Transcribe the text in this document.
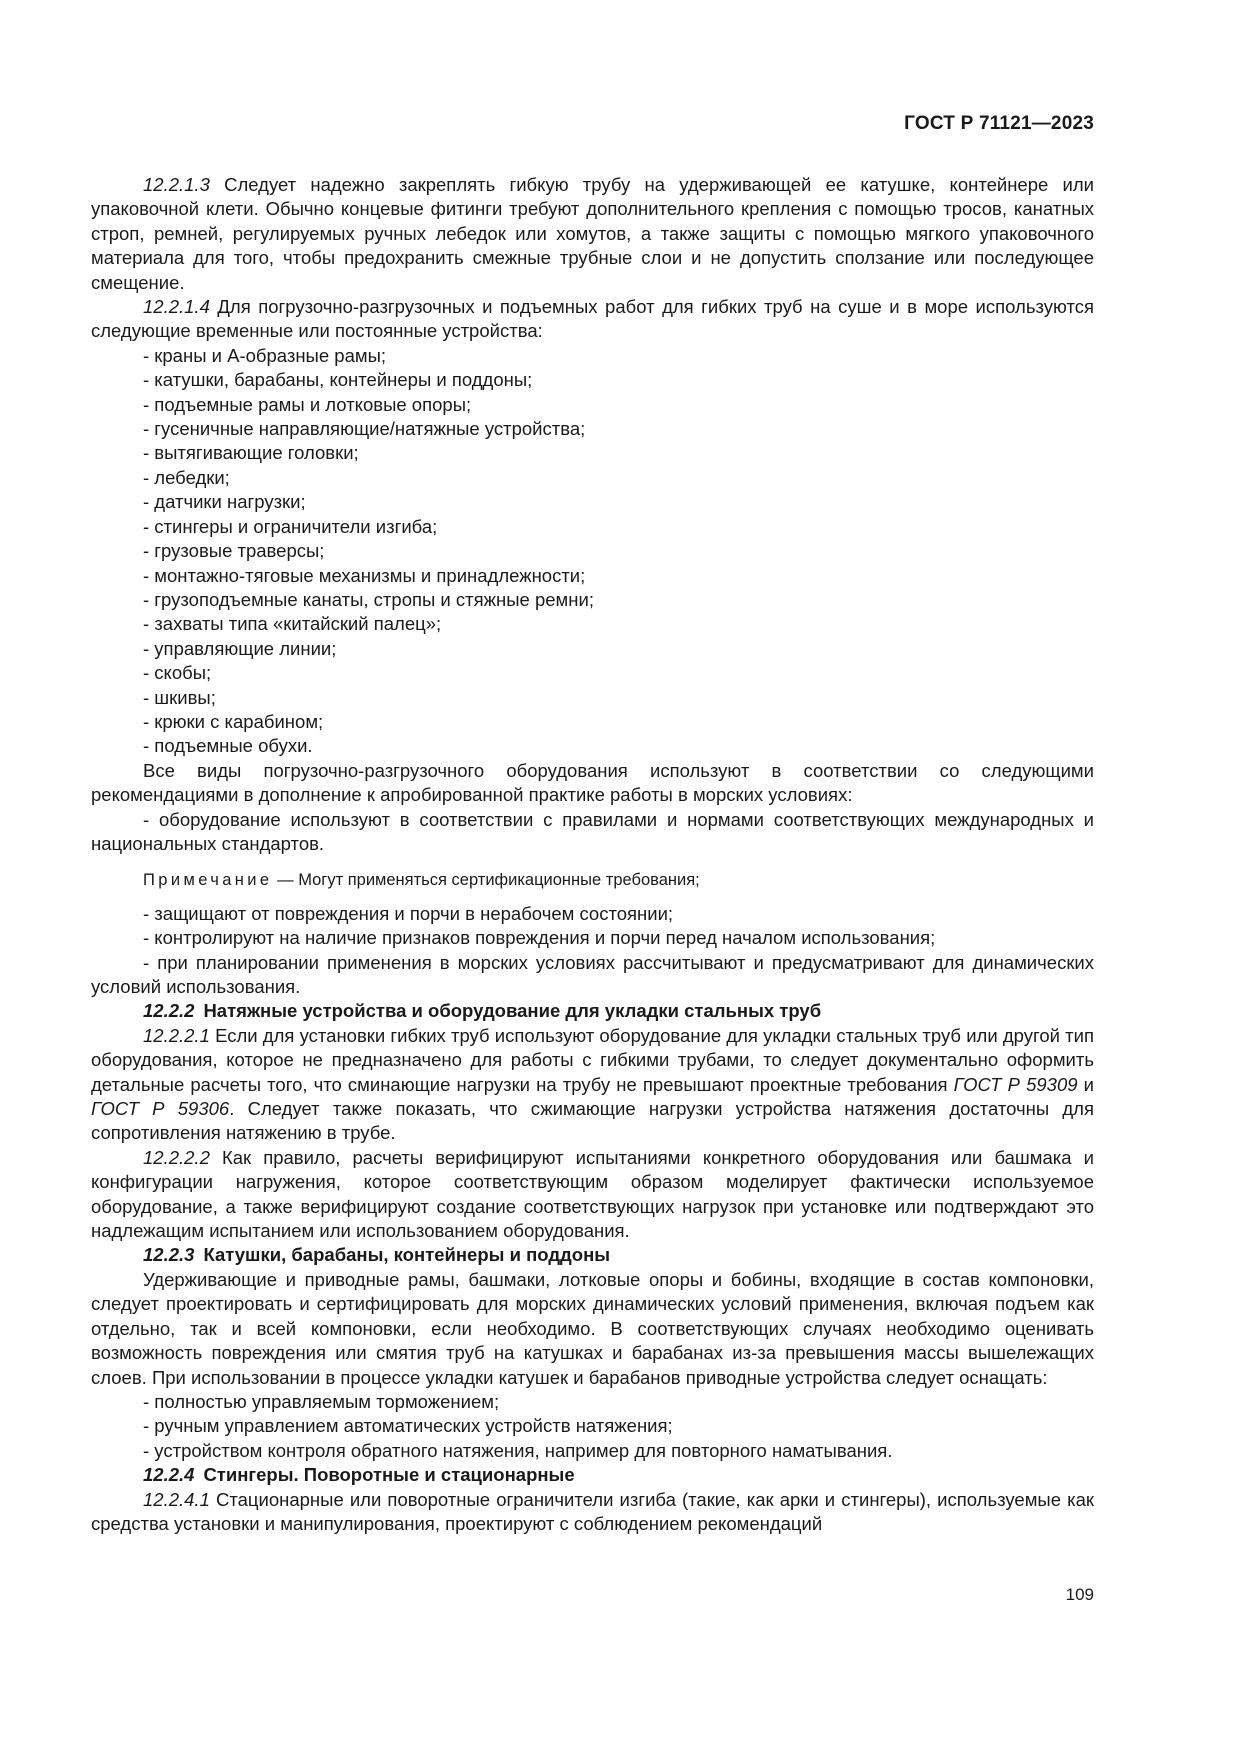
ГОСТ Р 71121—2023

12.2.1.3 Следует надежно закреплять гибкую трубу на удерживающей ее катушке, контейнере или упаковочной клети. Обычно концевые фитинги требуют дополнительного крепления с помощью тросов, канатных строп, ремней, регулируемых ручных лебедок или хомутов, а также защиты с помощью мягкого упаковочного материала для того, чтобы предохранить смежные трубные слои и не допустить сползание или последующее смещение.

12.2.1.4 Для погрузочно-разгрузочных и подъемных работ для гибких труб на суше и в море используются следующие временные или постоянные устройства:

- краны и А-образные рамы;

- катушки, барабаны, контейнеры и поддоны;

- подъемные рамы и лотковые опоры;

- гусеничные направляющие/натяжные устройства;

- вытягивающие головки;

- лебедки;

- датчики нагрузки;

- стингеры и ограничители изгиба;

- грузовые траверсы;

- монтажно-тяговые механизмы и принадлежности;

- грузоподъемные канаты, стропы и стяжные ремни;

- захваты типа «китайский палец»;

- управляющие линии;

- скобы;

- шкивы;

- крюки с карабином;

- подъемные обухи.

Все виды погрузочно-разгрузочного оборудования используют в соответствии со следующими рекомендациями в дополнение к апробированной практике работы в морских условиях:

- оборудование используют в соответствии с правилами и нормами соответствующих международных и национальных стандартов.

Примечание — Могут применяться сертификационные требования;

- защищают от повреждения и порчи в нерабочем состоянии;

- контролируют на наличие признаков повреждения и порчи перед началом использования;

- при планировании применения в морских условиях рассчитывают и предусматривают для динамических условий использования.

12.2.2 Натяжные устройства и оборудование для укладки стальных труб

12.2.2.1 Если для установки гибких труб используют оборудование для укладки стальных труб или другой тип оборудования, которое не предназначено для работы с гибкими трубами, то следует документально оформить детальные расчеты того, что сминающие нагрузки на трубу не превышают проектные требования ГОСТ Р 59309 и ГОСТ Р 59306. Следует также показать, что сжимающие нагрузки устройства натяжения достаточны для сопротивления натяжению в трубе.

12.2.2.2 Как правило, расчеты верифицируют испытаниями конкретного оборудования или башмака и конфигурации нагружения, которое соответствующим образом моделирует фактически используемое оборудование, а также верифицируют создание соответствующих нагрузок при установке или подтверждают это надлежащим испытанием или использованием оборудования.

12.2.3 Катушки, барабаны, контейнеры и поддоны

Удерживающие и приводные рамы, башмаки, лотковые опоры и бобины, входящие в состав компоновки, следует проектировать и сертифицировать для морских динамических условий применения, включая подъем как отдельно, так и всей компоновки, если необходимо. В соответствующих случаях необходимо оценивать возможность повреждения или смятия труб на катушках и барабанах из-за превышения массы вышележащих слоев. При использовании в процессе укладки катушек и барабанов приводные устройства следует оснащать:

- полностью управляемым торможением;

- ручным управлением автоматических устройств натяжения;

- устройством контроля обратного натяжения, например для повторного наматывания.

12.2.4 Стингеры. Поворотные и стационарные

12.2.4.1 Стационарные или поворотные ограничители изгиба (такие, как арки и стингеры), используемые как средства установки и манипулирования, проектируют с соблюдением рекомендаций

109
